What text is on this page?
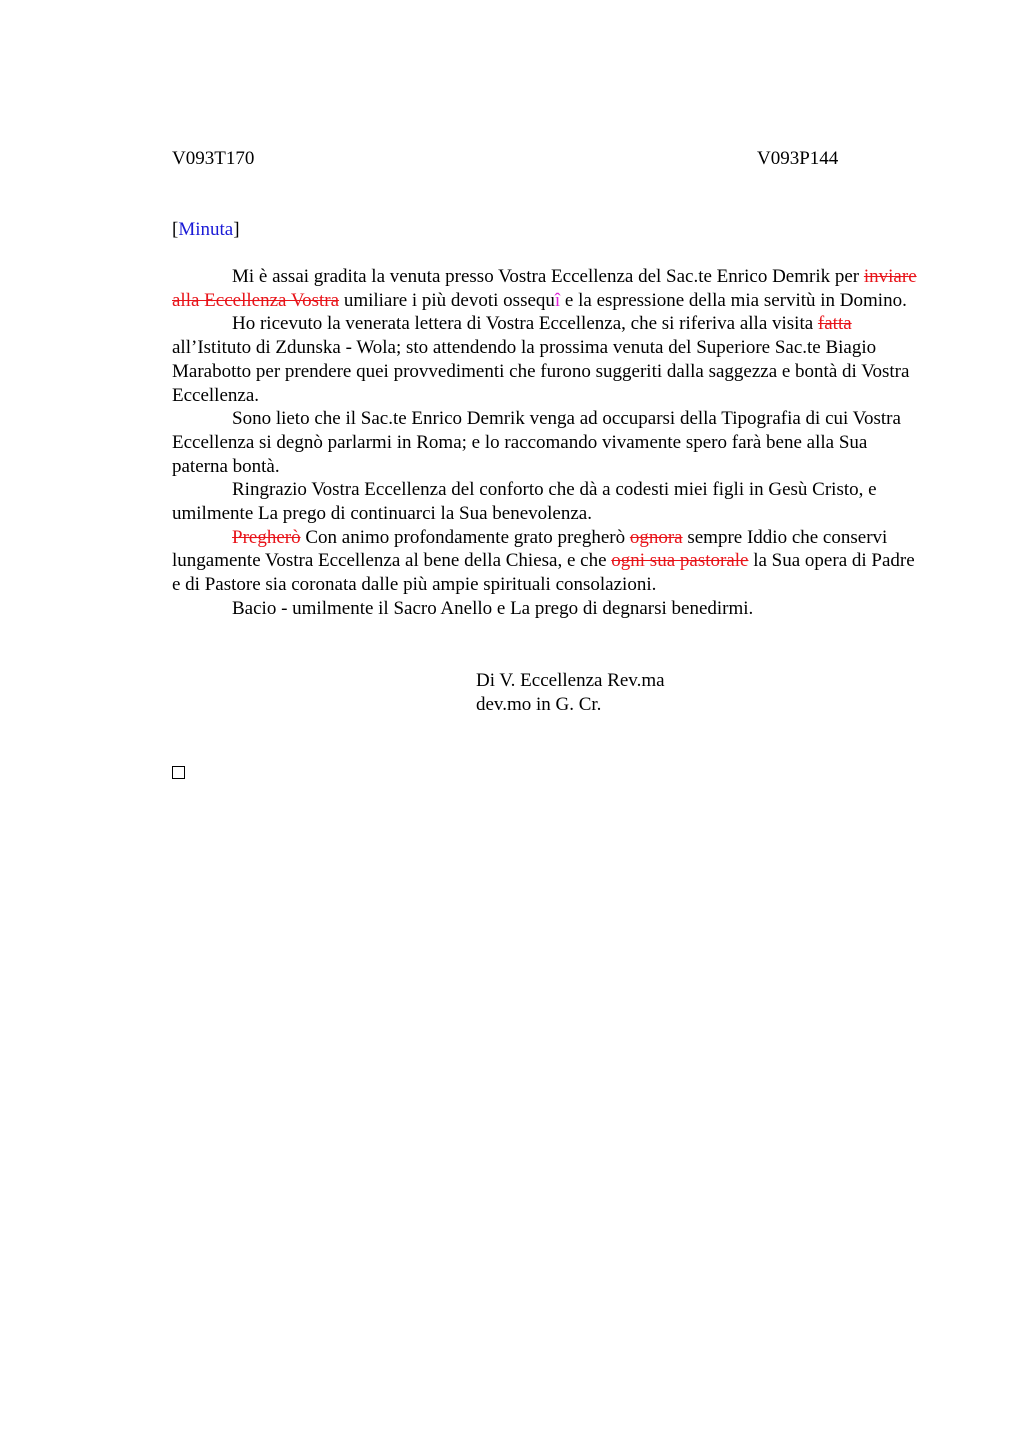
V093T170	V093P144
[Minuta]

Mi è assai gradita la venuta presso Vostra Eccellenza del Sac.te Enrico Demrik per inviare alla Eccellenza Vostra umiliare i più devoti ossequî e la espressione della mia servitù in Domino.

Ho ricevuto la venerata lettera di Vostra Eccellenza, che si riferiva alla visita fatta all’Istituto di Zdunska - Wola; sto attendendo la prossima venuta del Superiore Sac.te Biagio Marabotto per prendere quei provvedimenti che furono suggeriti dalla saggezza e bontà di Vostra Eccellenza.

Sono lieto che il Sac.te Enrico Demrik venga ad occuparsi della Tipografia di cui Vostra Eccellenza si degnò parlarmi in Roma; e lo raccomando vivamente spero farà bene alla Sua paterna bontà.

Ringrazio Vostra Eccellenza del conforto che dà a codesti miei figli in Gesù Cristo, e umilmente La prego di continuarci la Sua benevolenza.

Pregherò Con animo profondamente grato pregherò ognora sempre Iddio che conservi lungamente Vostra Eccellenza al bene della Chiesa, e che ogni sua pastorale la Sua opera di Padre e di Pastore sia coronata dalle più ampie spirituali consolazioni.

Bacio - umilmente il Sacro Anello e La prego di degnarsi benedirmi.

Di V. Eccellenza Rev.ma
dev.mo in G. Cr.
